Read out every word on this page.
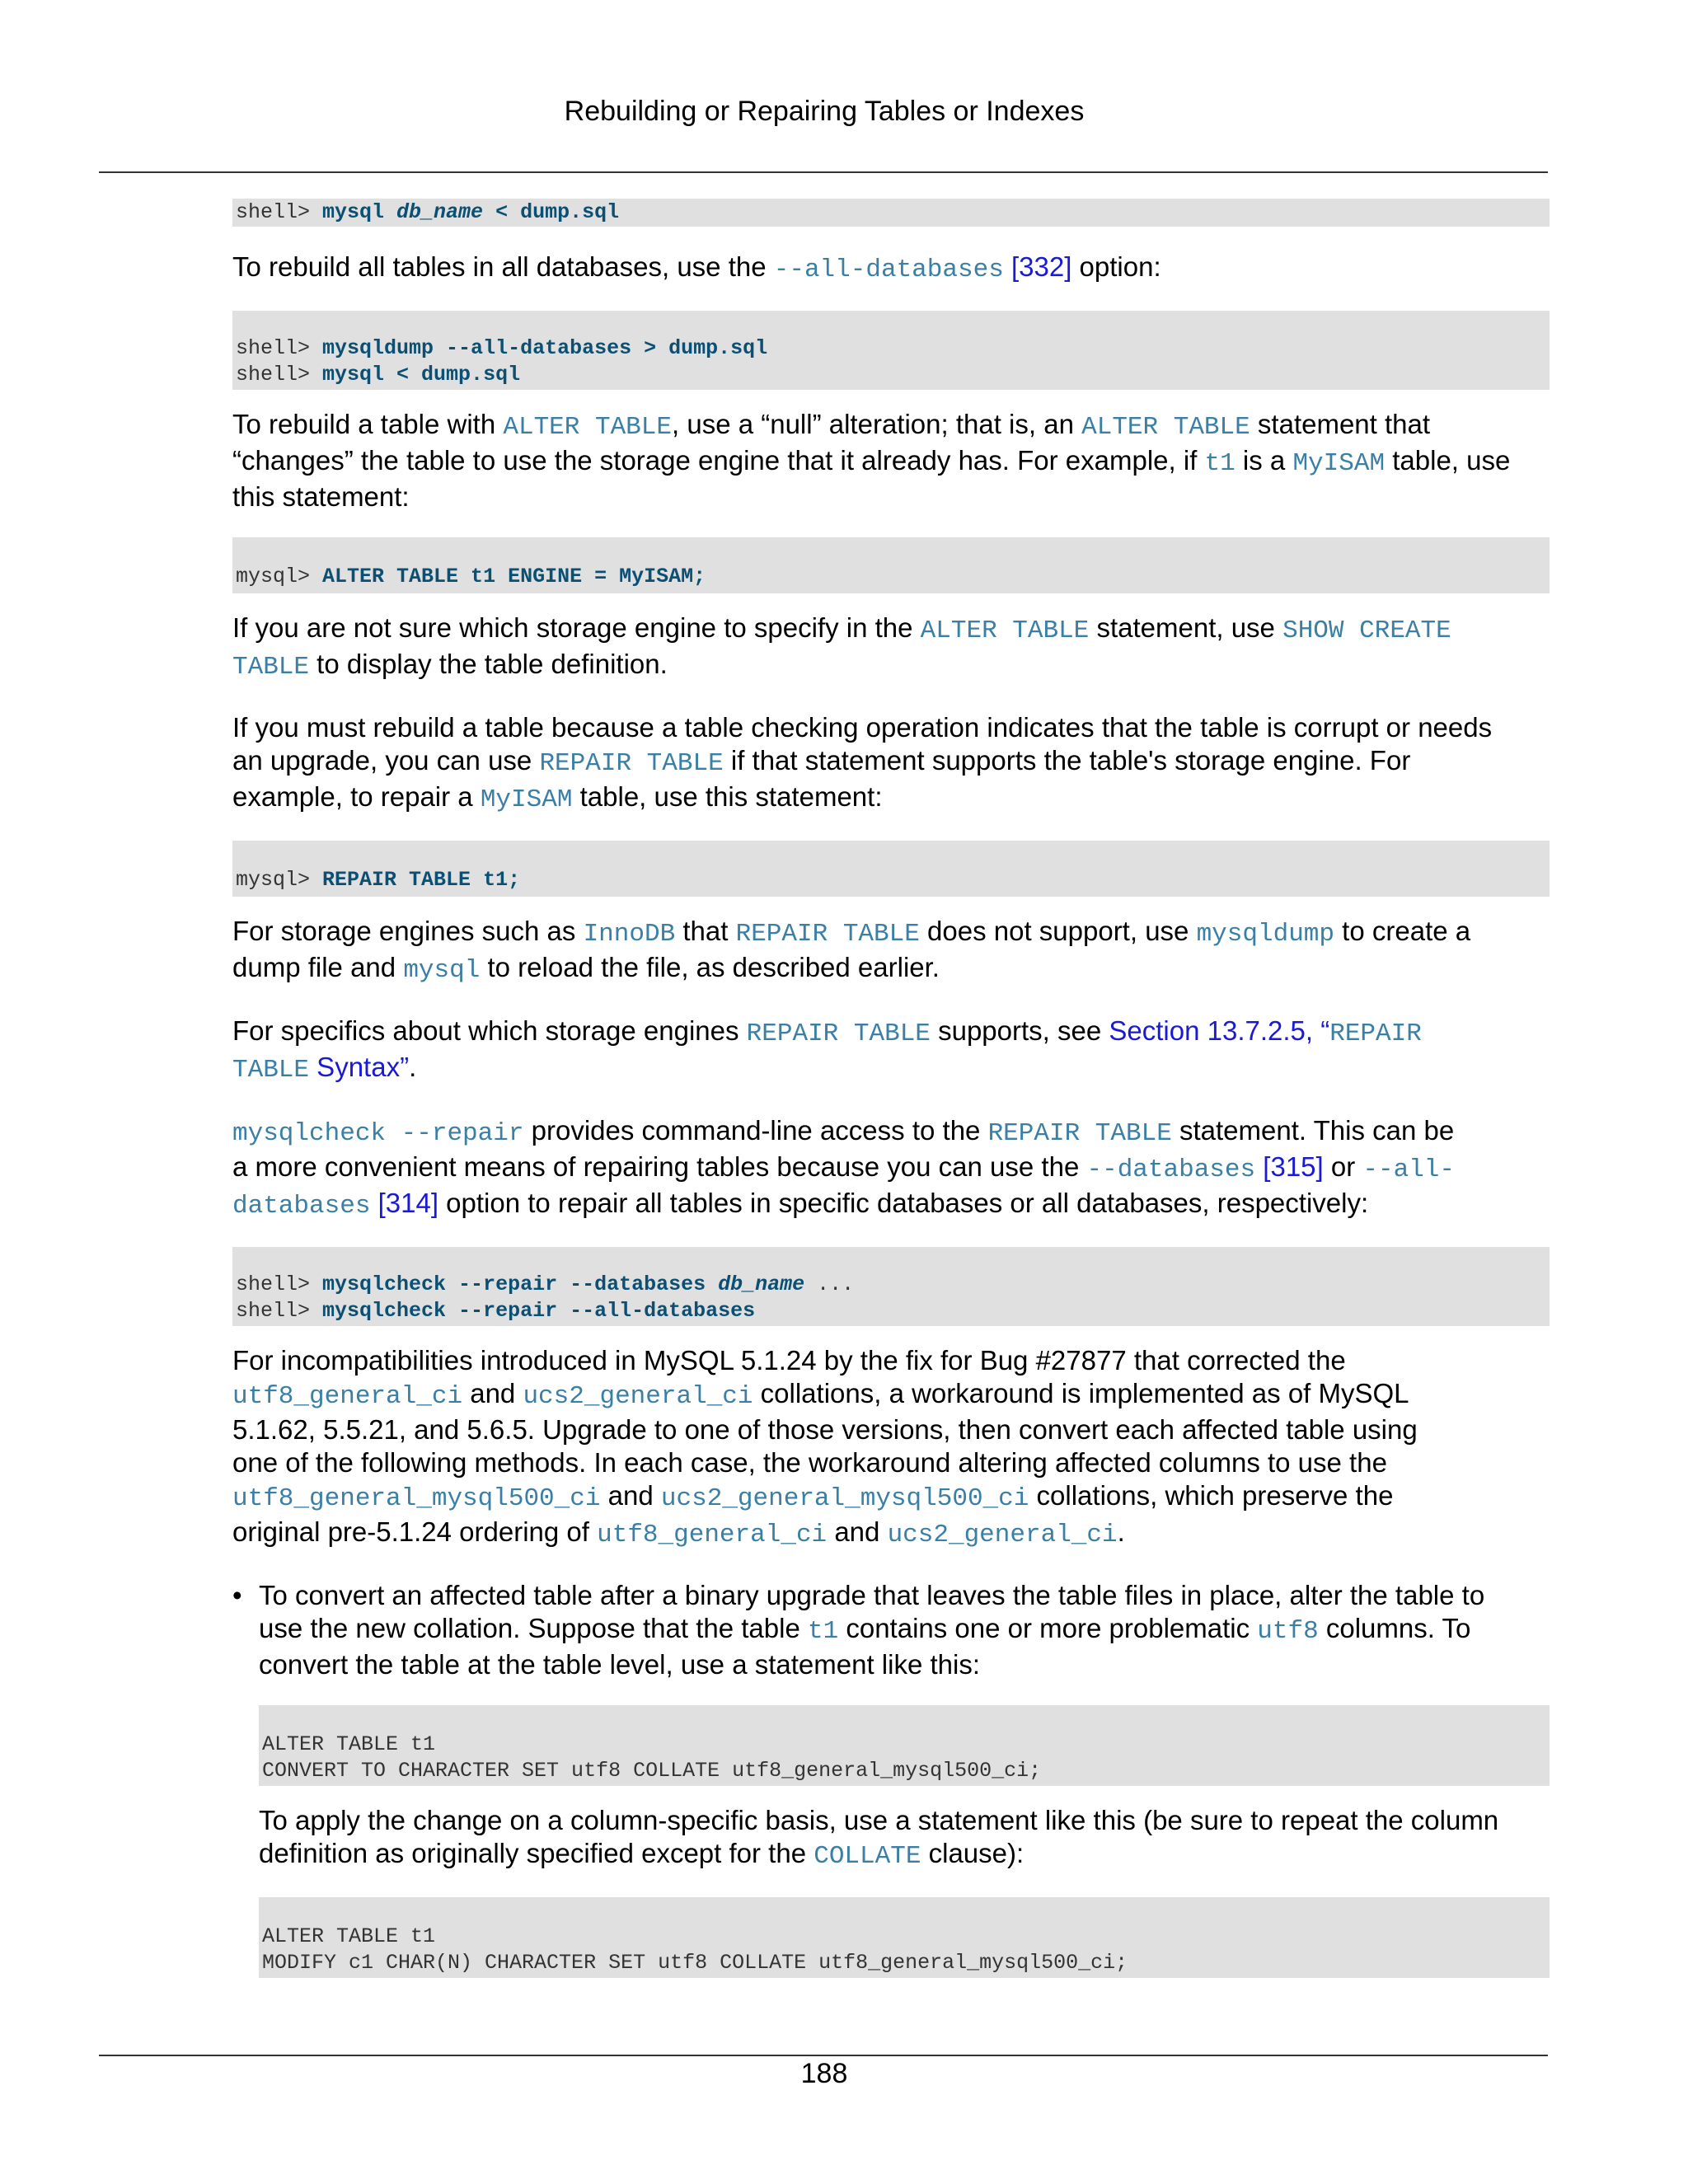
Rebuilding or Repairing Tables or Indexes
shell> mysql db_name < dump.sql

To rebuild all tables in all databases, use the --all-databases [332] option:

shell> mysqldump --all-databases > dump.sql
shell> mysql < dump.sql

To rebuild a table with ALTER TABLE, use a “null” alteration; that is, an ALTER TABLE statement that
“changes” the table to use the storage engine that it already has. For example, if t1 is a MyISAM table, use
this statement:

mysql> ALTER TABLE t1 ENGINE = MyISAM;

If you are not sure which storage engine to specify in the ALTER TABLE statement, use SHOW CREATE
TABLE to display the table definition.

If you must rebuild a table because a table checking operation indicates that the table is corrupt or needs
an upgrade, you can use REPAIR TABLE if that statement supports the table's storage engine. For
example, to repair a MyISAM table, use this statement:

mysql> REPAIR TABLE t1;

For storage engines such as InnoDB that REPAIR TABLE does not support, use mysqldump to create a
dump file and mysql to reload the file, as described earlier.

For specifics about which storage engines REPAIR TABLE supports, see Section 13.7.2.5, “REPAIR
TABLE Syntax”.

mysqlcheck --repair provides command-line access to the REPAIR TABLE statement. This can be
a more convenient means of repairing tables because you can use the --databases [315] or --all-
databases [314] option to repair all tables in specific databases or all databases, respectively:

shell> mysqlcheck --repair --databases db_name ...
shell> mysqlcheck --repair --all-databases

For incompatibilities introduced in MySQL 5.1.24 by the fix for Bug #27877 that corrected the
utf8_general_ci and ucs2_general_ci collations, a workaround is implemented as of MySQL
5.1.62, 5.5.21, and 5.6.5. Upgrade to one of those versions, then convert each affected table using
one of the following methods. In each case, the workaround altering affected columns to use the
utf8_general_mysql500_ci and ucs2_general_mysql500_ci collations, which preserve the
original pre-5.1.24 ordering of utf8_general_ci and ucs2_general_ci.

• To convert an affected table after a binary upgrade that leaves the table files in place, alter the table to
use the new collation. Suppose that the table t1 contains one or more problematic utf8 columns. To
convert the table at the table level, use a statement like this:

ALTER TABLE t1
CONVERT TO CHARACTER SET utf8 COLLATE utf8_general_mysql500_ci;

To apply the change on a column-specific basis, use a statement like this (be sure to repeat the column
definition as originally specified except for the COLLATE clause):

ALTER TABLE t1
MODIFY c1 CHAR(N) CHARACTER SET utf8 COLLATE utf8_general_mysql500_ci;
188
